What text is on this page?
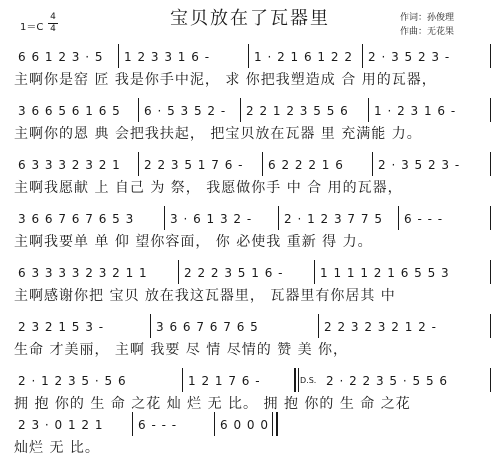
宝贝放在了瓦器里
1＝C
4
4
作词：孙俊理
作曲：无花果
6 6 1 2 3 · 5 1 2 3 3 1 6 -	1 · 2 1 6 1 2 2 2 · 3 5 2 3 -
主啊你是窑 匠 我是你手中泥， 求 你把我塑造成 合 用的瓦器，
3 6 6 5 6 1 6 5 6 · 5 3 5 2 - 2 2 1 2 3 5 5 6 1 · 2 3 1 6 -
主啊你的恩 典 会把我扶起， 把宝贝放在瓦器 里 充满能 力。
6 3 3 3 2 3 2 1 2 2 3 5 1 7 6 - 6 2 2 2 1 6	2 · 3 5 2 3 -
主啊我愿献 上 自己 为 祭， 我愿做你手 中 合 用的瓦器，
3 6 6 7 6 7 6 5 3	3 · 6 1 3 2 -	2 · 1 2 3 7 7 5 6 - - -
主啊我要单 单 仰 望你容面， 你 必使我 重新 得 力。
6 3 3 3 3 2 3 2 1 1	2 2 2 3 5 1 6 -	1 1 1 1 2 1 6 5 5 3
主啊感谢你把 宝贝 放在我这瓦器里， 瓦器里有你居其 中
2 3 2 1 5 3 -	3 6 6 7 6 7 6 5	2 2 3 2 3 2 1 2 -
生命 才美丽， 主啊 我要 尽 情 尽情的 赞 美 你，
2 · 1 2 3 5 · 5 6	1 2 1 7 6 -	2 · 2 2 3 5 · 5 5 6
拥 抱 你的 生 命 之花 灿 烂 无 比。 拥 抱 你的 生 命 之花
D.S.
2 3 · 0 1 2 1	6 - - -	6 0 0 0
灿烂 无 比。
